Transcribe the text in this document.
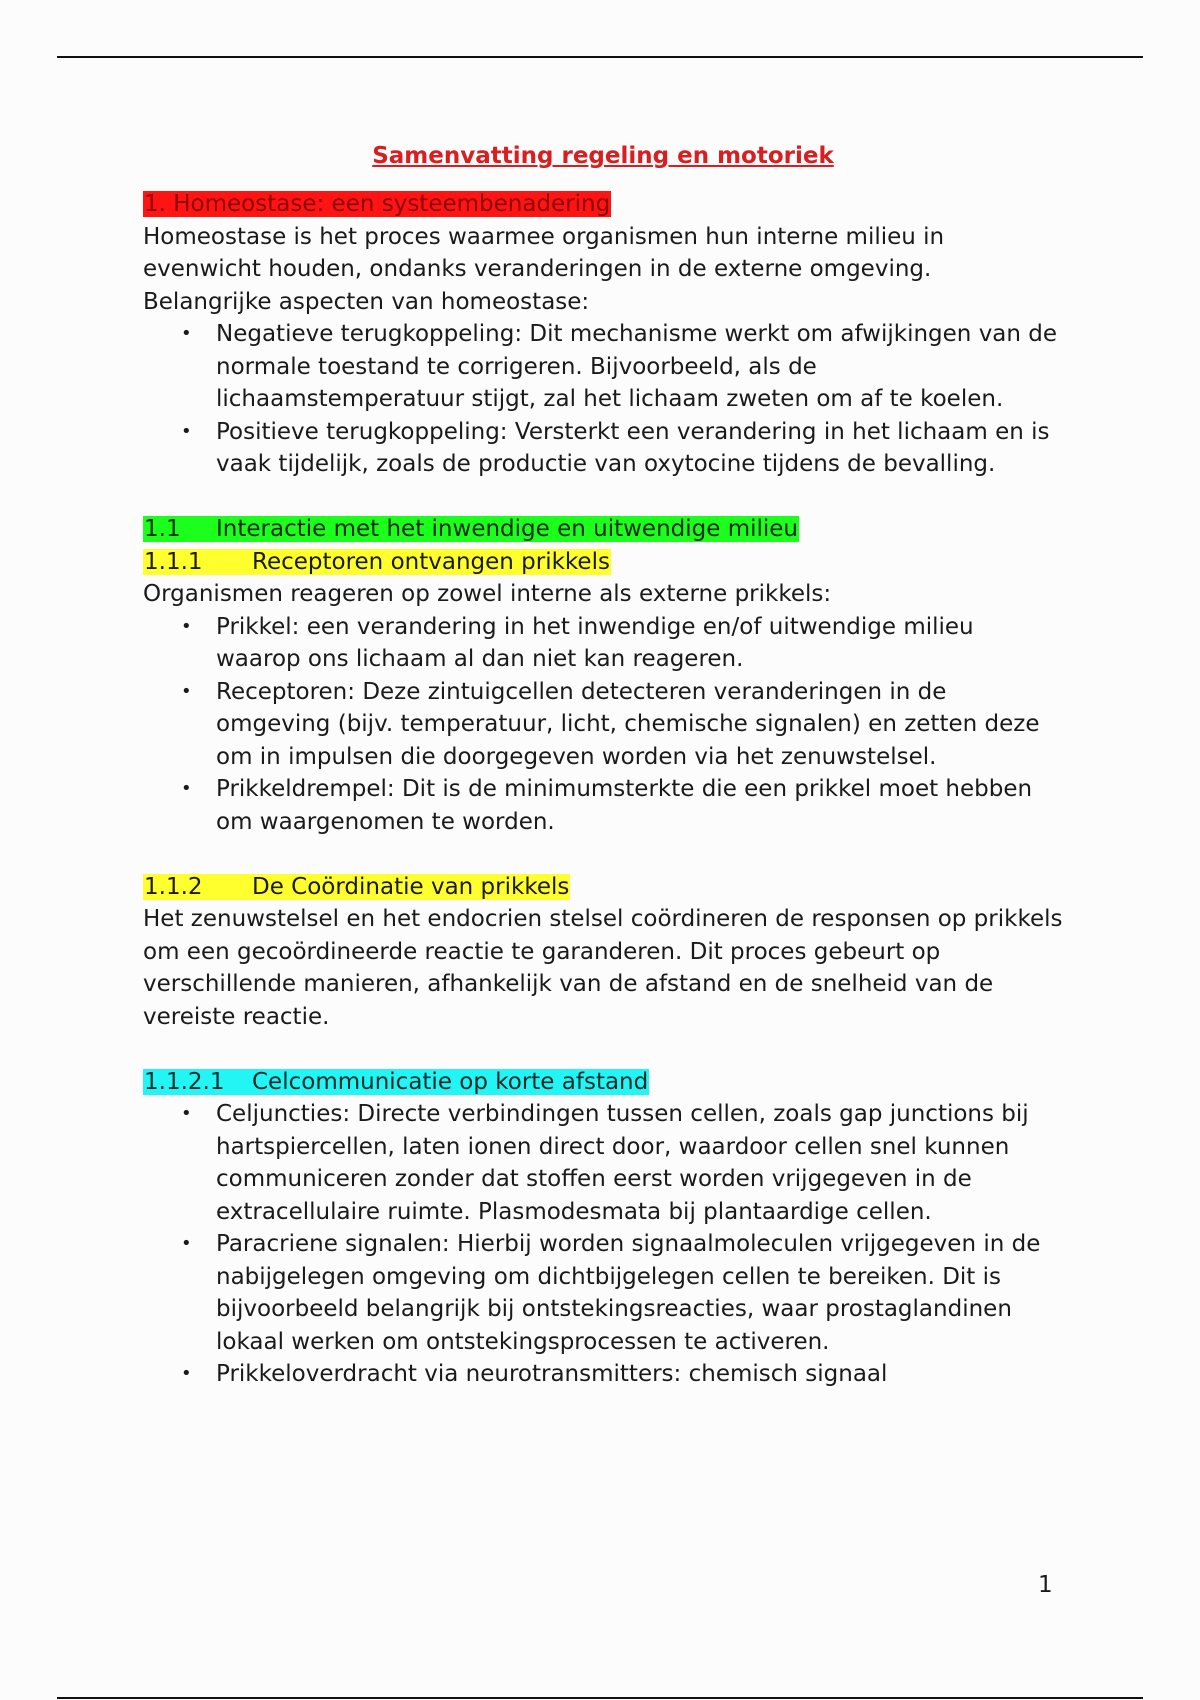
Samenvatting regeling en motoriek

1. Homeostase: een systeembenadering

Homeostase is het proces waarmee organismen hun interne milieu in evenwicht houden, ondanks veranderingen in de externe omgeving. Belangrijke aspecten van homeostase:

• Negatieve terugkoppeling: Dit mechanisme werkt om afwijkingen van de normale toestand te corrigeren. Bijvoorbeeld, als de lichaamstemperatuur stijgt, zal het lichaam zweten om af te koelen.
• Positieve terugkoppeling: Versterkt een verandering in het lichaam en is vaak tijdelijk, zoals de productie van oxytocine tijdens de bevalling.

1.1 Interactie met het inwendige en uitwendige milieu

1.1.1 Receptoren ontvangen prikkels

Organismen reageren op zowel interne als externe prikkels:

• Prikkel: een verandering in het inwendige en/of uitwendige milieu waarop ons lichaam al dan niet kan reageren.
• Receptoren: Deze zintuigcellen detecteren veranderingen in de omgeving (bijv. temperatuur, licht, chemische signalen) en zetten deze om in impulsen die doorgegeven worden via het zenuwstelsel.
• Prikkeldrempel: Dit is de minimumsterkte die een prikkel moet hebben om waargenomen te worden.

1.1.2 De Coördinatie van prikkels

Het zenuwstelsel en het endocrien stelsel coördineren de responsen op prikkels om een gecoördineerde reactie te garanderen. Dit proces gebeurt op verschillende manieren, afhankelijk van de afstand en de snelheid van de vereiste reactie.

1.1.2.1 Celcommunicatie op korte afstand

• Celjuncties: Directe verbindingen tussen cellen, zoals gap junctions bij hartspiercellen, laten ionen direct door, waardoor cellen snel kunnen communiceren zonder dat stoffen eerst worden vrijgegeven in de extracellulaire ruimte. Plasmodesmata bij plantaardige cellen.
• Paracriene signalen: Hierbij worden signaalmoleculen vrijgegeven in de nabijgelegen omgeving om dichtbijgelegen cellen te bereiken. Dit is bijvoorbeeld belangrijk bij ontstekingsreacties, waar prostaglandinen lokaal werken om ontstekingsprocessen te activeren.
• Prikkeloverdracht via neurotransmitters: chemisch signaal
1
